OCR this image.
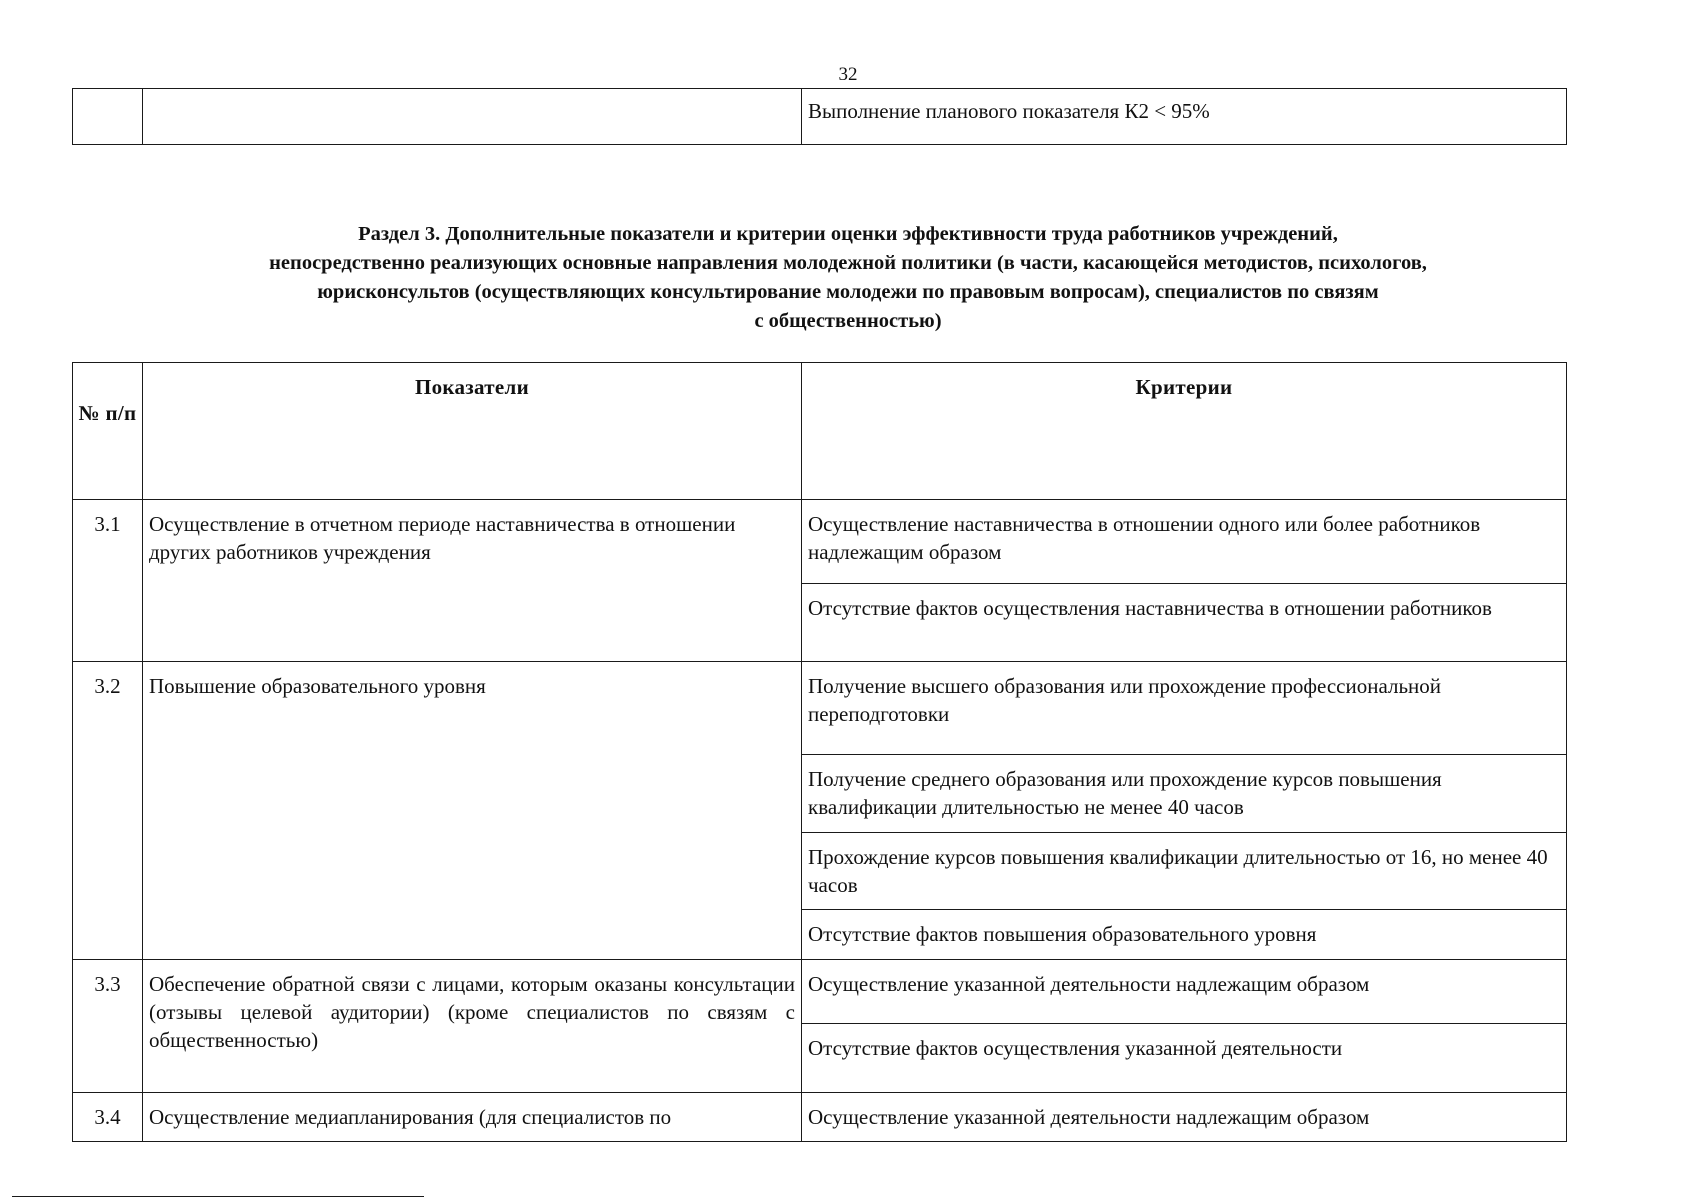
32
		Выполнение планового показателя К2 < 95%
Раздел 3. Дополнительные показатели и критерии оценки эффективности труда работников учреждений,
непосредственно реализующих основные направления молодежной политики (в части, касающейся методистов, психологов,
юрисконсультов (осуществляющих консультирование молодежи по правовым вопросам), специалистов по связям
с общественностью)
№ п/п	Показатели	Критерии
3.1	Осуществление в отчетном периоде наставничества в отношении других работников учреждения	Осуществление наставничества в отношении одного или более работников надлежащим образом
		Отсутствие фактов осуществления наставничества в отношении работников
3.2	Повышение образовательного уровня	Получение высшего образования или прохождение профессиональной переподготовки
		Получение среднего образования или прохождение курсов повышения квалификации длительностью не менее 40 часов
		Прохождение курсов повышения квалификации длительностью от 16, но менее 40 часов
		Отсутствие фактов повышения образовательного уровня
3.3	Обеспечение обратной связи с лицами, которым оказаны консультации (отзывы целевой аудитории) (кроме специалистов по связям с общественностью)	Осуществление указанной деятельности надлежащим образом
		Отсутствие фактов осуществления указанной деятельности
3.4	Осуществление медиапланирования (для специалистов по	Осуществление указанной деятельности надлежащим образом
